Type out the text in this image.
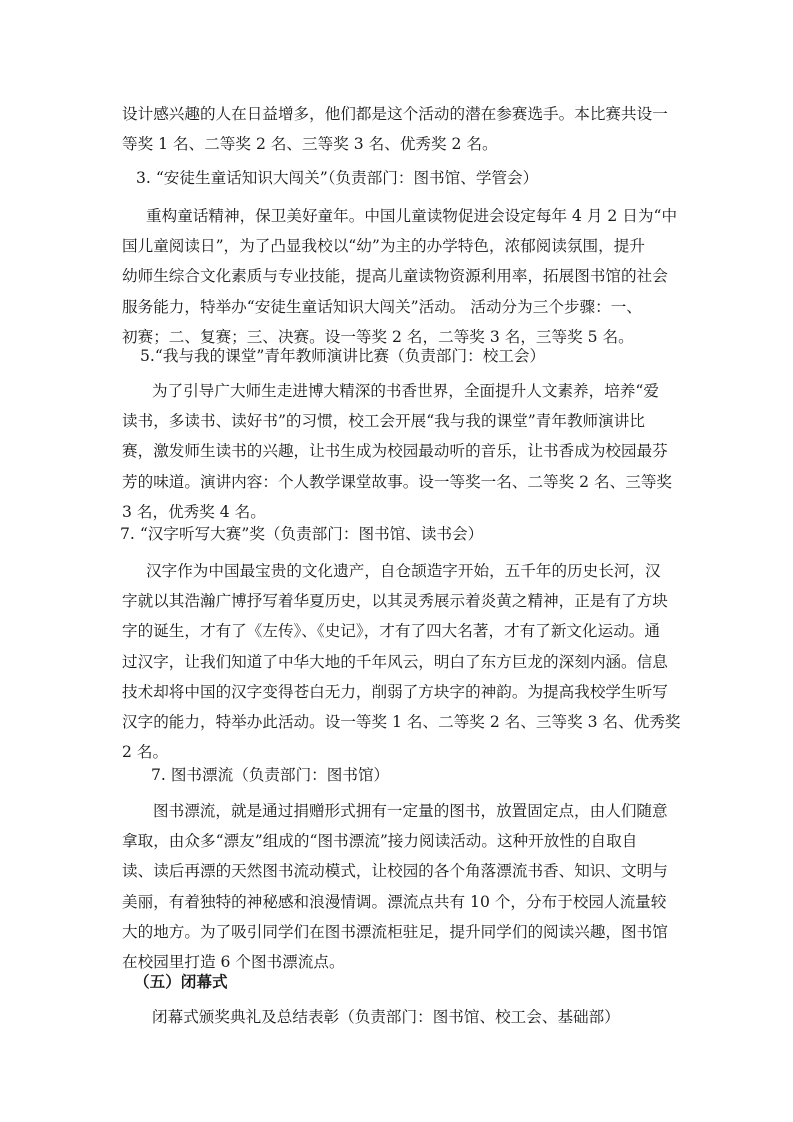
设计感兴趣的人在日益增多，他们都是这个活动的潜在参赛选手。本比赛共设一
等奖 1 名、二等奖 2 名、三等奖 3 名、优秀奖 2 名。
3. “安徒生童话知识大闯关”（负责部门：图书馆、学管会）
重构童话精神，保卫美好童年。中国儿童读物促进会设定每年 4 月 2 日为“中
国儿童阅读日”，为了凸显我校以“幼”为主的办学特色，浓郁阅读氛围，提升
幼师生综合文化素质与专业技能，提高儿童读物资源利用率，拓展图书馆的社会
服务能力，特举办“安徒生童话知识大闯关”活动。 活动分为三个步骤：一、
初赛；二、复赛；三、决赛。设一等奖 2 名，二等奖 3 名，三等奖 5 名。
5.“我与我的课堂”青年教师演讲比赛（负责部门：校工会）
为了引导广大师生走进博大精深的书香世界，全面提升人文素养，培养“爱
读书，多读书、读好书”的习惯，校工会开展“我与我的课堂”青年教师演讲比
赛，激发师生读书的兴趣，让书生成为校园最动听的音乐，让书香成为校园最芬
芳的味道。演讲内容：个人教学课堂故事。设一等奖一名、二等奖 2 名、三等奖
3 名，优秀奖 4 名。
7. “汉字听写大赛”奖（负责部门：图书馆、读书会）
汉字作为中国最宝贵的文化遗产，自仓颉造字开始，五千年的历史长河，汉
字就以其浩瀚广博抒写着华夏历史，以其灵秀展示着炎黄之精神，正是有了方块
字的诞生，才有了《左传》、《史记》，才有了四大名著，才有了新文化运动。通
过汉字，让我们知道了中华大地的千年风云，明白了东方巨龙的深刻内涵。信息
技术却将中国的汉字变得苍白无力，削弱了方块字的神韵。为提高我校学生听写
汉字的能力，特举办此活动。设一等奖 1 名、二等奖 2 名、三等奖 3 名、优秀奖
2 名。
7. 图书漂流（负责部门：图书馆）
图书漂流，就是通过捐赠形式拥有一定量的图书，放置固定点，由人们随意
拿取，由众多“漂友”组成的“图书漂流”接力阅读活动。这种开放性的自取自
读、读后再漂的天然图书流动模式，让校园的各个角落漂流书香、知识、文明与
美丽，有着独特的神秘感和浪漫情调。漂流点共有 10 个，分布于校园人流量较
大的地方。为了吸引同学们在图书漂流柜驻足，提升同学们的阅读兴趣，图书馆
在校园里打造 6 个图书漂流点。
（五）闭幕式
闭幕式颁奖典礼及总结表彰（负责部门：图书馆、校工会、基础部）
